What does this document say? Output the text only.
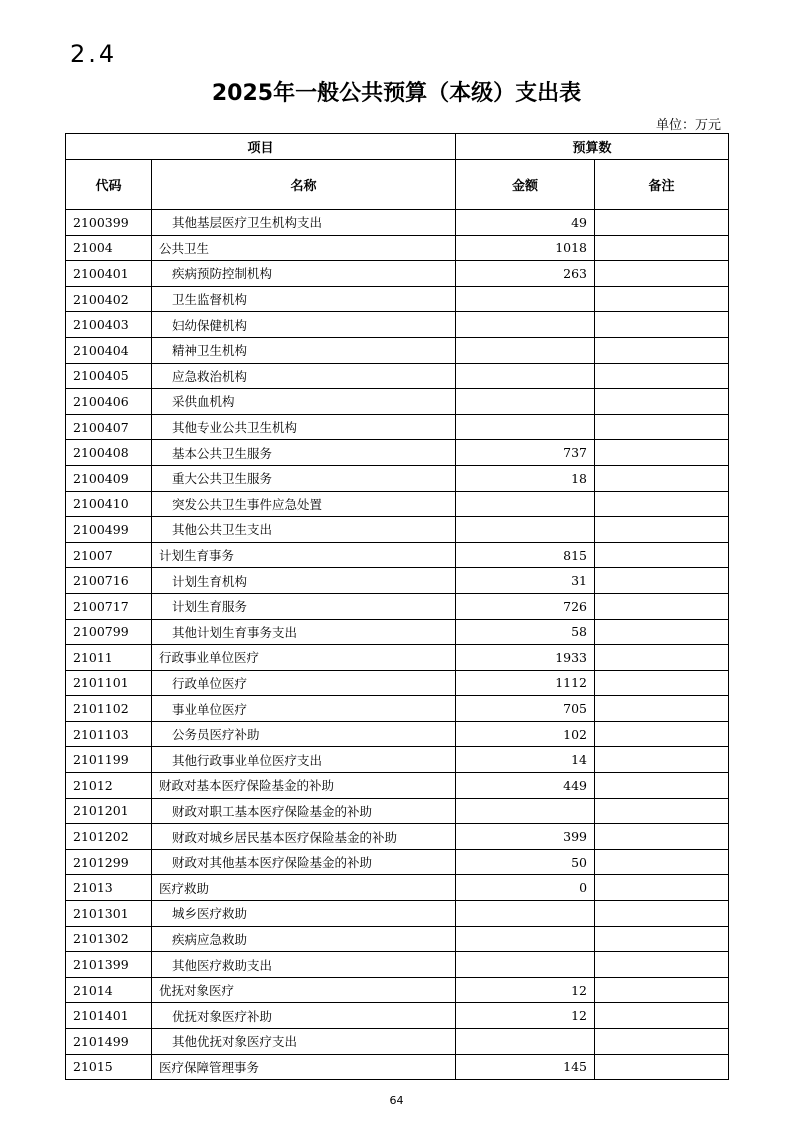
2.4
2025年一般公共预算（本级）支出表
单位：万元
项目		预算数	
代码	名称	金额	备注
2100399	其他基层医疗卫生机构支出	49	
21004	公共卫生	1018	
2100401	疾病预防控制机构	263	
2100402	卫生监督机构		
2100403	妇幼保健机构		
2100404	精神卫生机构		
2100405	应急救治机构		
2100406	采供血机构		
2100407	其他专业公共卫生机构		
2100408	基本公共卫生服务	737	
2100409	重大公共卫生服务	18	
2100410	突发公共卫生事件应急处置		
2100499	其他公共卫生支出		
21007	计划生育事务	815	
2100716	计划生育机构	31	
2100717	计划生育服务	726	
2100799	其他计划生育事务支出	58	
21011	行政事业单位医疗	1933	
2101101	行政单位医疗	1112	
2101102	事业单位医疗	705	
2101103	公务员医疗补助	102	
2101199	其他行政事业单位医疗支出	14	
21012	财政对基本医疗保险基金的补助	449	
2101201	财政对职工基本医疗保险基金的补助		
2101202	财政对城乡居民基本医疗保险基金的补助	399	
2101299	财政对其他基本医疗保险基金的补助	50	
21013	医疗救助	0	
2101301	城乡医疗救助		
2101302	疾病应急救助		
2101399	其他医疗救助支出		
21014	优抚对象医疗	12	
2101401	优抚对象医疗补助	12	
2101499	其他优抚对象医疗支出		
21015	医疗保障管理事务	145	
64
